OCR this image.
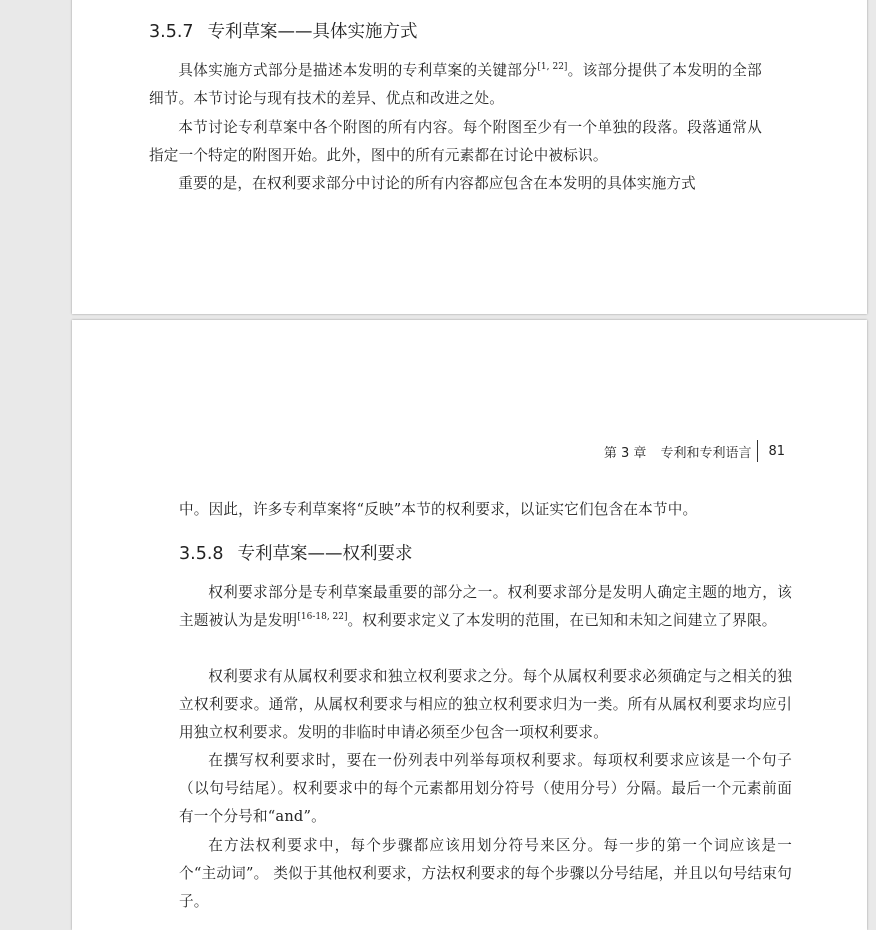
3.5.7 专利草案——具体实施方式

具体实施方式部分是描述本发明的专利草案的关键部分[1, 22]。该部分提供了本发明的全部细节。本节讨论与现有技术的差异、优点和改进之处。

本节讨论专利草案中各个附图的所有内容。每个附图至少有一个单独的段落。段落通常从指定一个特定的附图开始。此外，图中的所有元素都在讨论中被标识。

重要的是，在权利要求部分中讨论的所有内容都应包含在本发明的具体实施方式

第 3 章 专利和专利语言 81

中。因此，许多专利草案将“反映”本节的权利要求，以证实它们包含在本节中。

3.5.8 专利草案——权利要求

权利要求部分是专利草案最重要的部分之一。权利要求部分是发明人确定主题的地方，该主题被认为是发明[16-18, 22]。权利要求定义了本发明的范围，在已知和未知之间建立了界限。

权利要求有从属权利要求和独立权利要求之分。每个从属权利要求必须确定与之相关的独立权利要求。通常，从属权利要求与相应的独立权利要求归为一类。所有从属权利要求均应引用独立权利要求。发明的非临时申请必须至少包含一项权利要求。

在撰写权利要求时，要在一份列表中列举每项权利要求。每项权利要求应该是一个句子（以句号结尾）。权利要求中的每个元素都用划分符号（使用分号）分隔。最后一个元素前面有一个分号和“and”。

在方法权利要求中，每个步骤都应该用划分符号来区分。每一步的第一个词应该是一个“主动词”。 类似于其他权利要求，方法权利要求的每个步骤以分号结尾，并且以句号结束句子。
